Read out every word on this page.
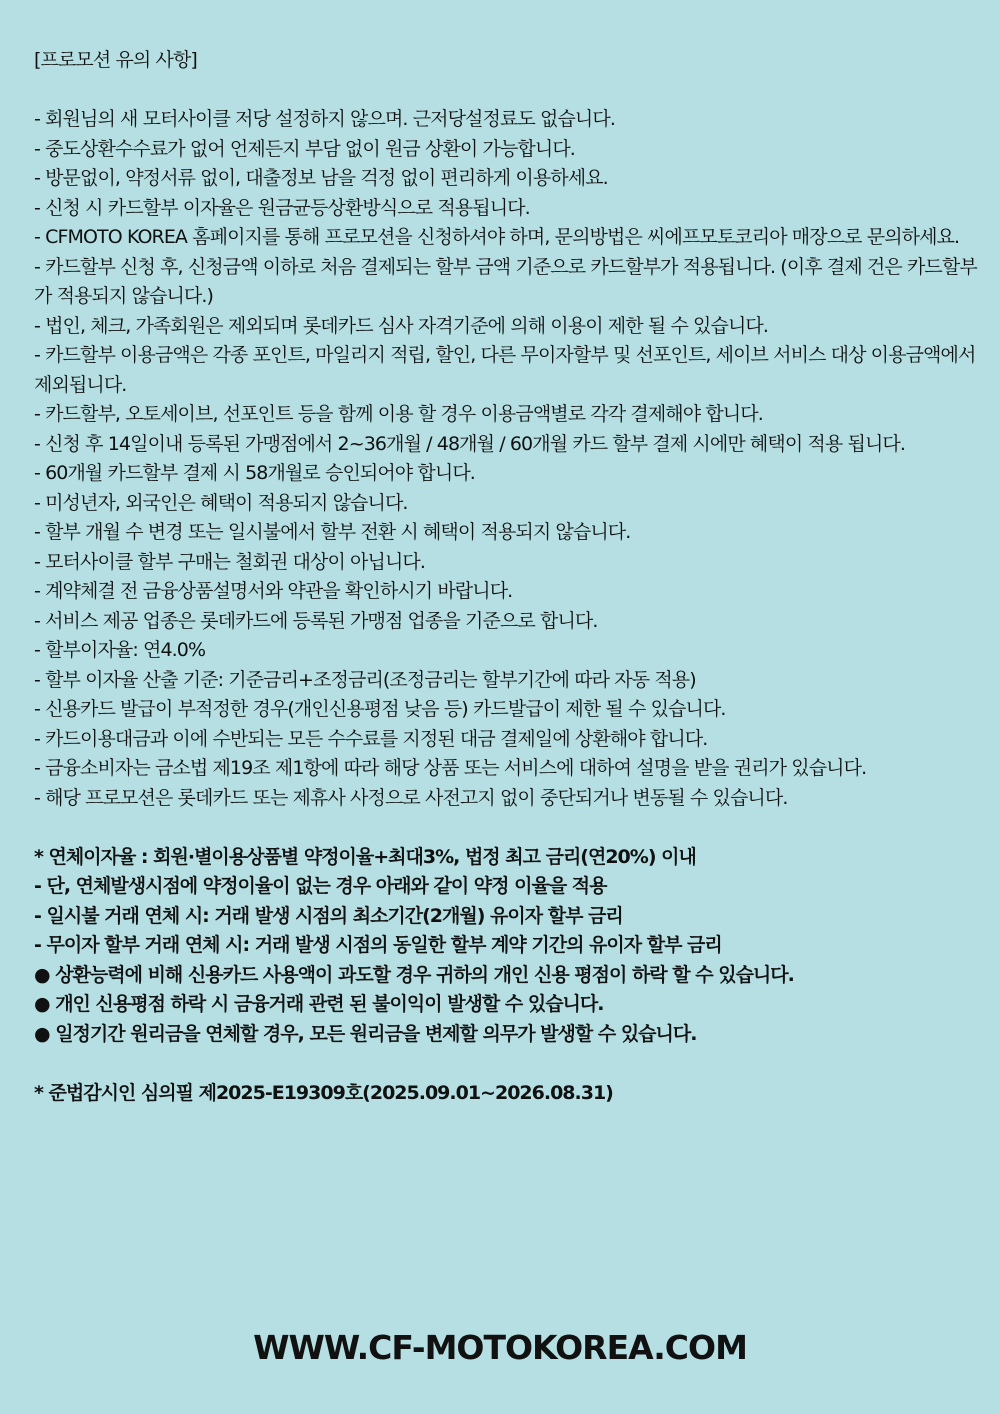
[프로모션 유의 사항]
- 회원님의 새 모터사이클 저당 설정하지 않으며. 근저당설정료도 없습니다.
- 중도상환수수료가 없어 언제든지 부담 없이 원금 상환이 가능합니다.
- 방문없이, 약정서류 없이, 대출정보 남을 걱정 없이 편리하게 이용하세요.
- 신청 시 카드할부 이자율은 원금균등상환방식으로 적용됩니다.
- CFMOTO KOREA 홈페이지를 통해 프로모션을 신청하셔야 하며, 문의방법은 씨에프모토코리아 매장으로 문의하세요.
- 카드할부 신청 후, 신청금액 이하로 처음 결제되는 할부 금액 기준으로 카드할부가 적용됩니다. (이후 결제 건은 카드할부가 적용되지 않습니다.)
- 법인, 체크, 가족회원은 제외되며 롯데카드 심사 자격기준에 의해 이용이 제한 될 수 있습니다.
- 카드할부 이용금액은 각종 포인트, 마일리지 적립, 할인, 다른 무이자할부 및 선포인트, 세이브 서비스 대상 이용금액에서 제외됩니다.
- 카드할부, 오토세이브, 선포인트 등을 함께 이용 할 경우 이용금액별로 각각 결제해야 합니다.
- 신청 후 14일이내 등록된 가맹점에서 2~36개월 / 48개월 / 60개월 카드 할부 결제 시에만 혜택이 적용 됩니다.
- 60개월 카드할부 결제 시 58개월로 승인되어야 합니다.
- 미성년자, 외국인은 혜택이 적용되지 않습니다.
- 할부 개월 수 변경 또는 일시불에서 할부 전환 시 혜택이 적용되지 않습니다.
- 모터사이클 할부 구매는 철회권 대상이 아닙니다.
- 계약체결 전 금융상품설명서와 약관을 확인하시기 바랍니다.
- 서비스 제공 업종은 롯데카드에 등록된 가맹점 업종을 기준으로 합니다.
- 할부이자율: 연4.0%
- 할부 이자율 산출 기준: 기준금리+조정금리(조정금리는 할부기간에 따라 자동 적용)
- 신용카드 발급이 부적정한 경우(개인신용평점 낮음 등) 카드발급이 제한 될 수 있습니다.
- 카드이용대금과 이에 수반되는 모든 수수료를 지정된 대금 결제일에 상환해야 합니다.
- 금융소비자는 금소법 제19조 제1항에 따라 해당 상품 또는 서비스에 대하여 설명을 받을 권리가 있습니다.
- 해당 프로모션은 롯데카드 또는 제휴사 사정으로 사전고지 없이 중단되거나 변동될 수 있습니다.
* 연체이자율 : 회원·별이용상품별 약정이율+최대3%, 법정 최고 금리(연20%) 이내
- 단, 연체발생시점에 약정이율이 없는 경우 아래와 같이 약정 이율을 적용
- 일시불 거래 연체 시: 거래 발생 시점의 최소기간(2개월) 유이자 할부 금리
- 무이자 할부 거래 연체 시: 거래 발생 시점의 동일한 할부 계약 기간의 유이자 할부 금리
● 상환능력에 비해 신용카드 사용액이 과도할 경우 귀하의 개인 신용 평점이 하락 할 수 있습니다.
● 개인 신용평점 하락 시 금융거래 관련 된 불이익이 발생할 수 있습니다.
● 일정기간 원리금을 연체할 경우, 모든 원리금을 변제할 의무가 발생할 수 있습니다.
* 준법감시인 심의필 제2025-E19309호(2025.09.01~2026.08.31)
WWW.CF-MOTOKOREA.COM
